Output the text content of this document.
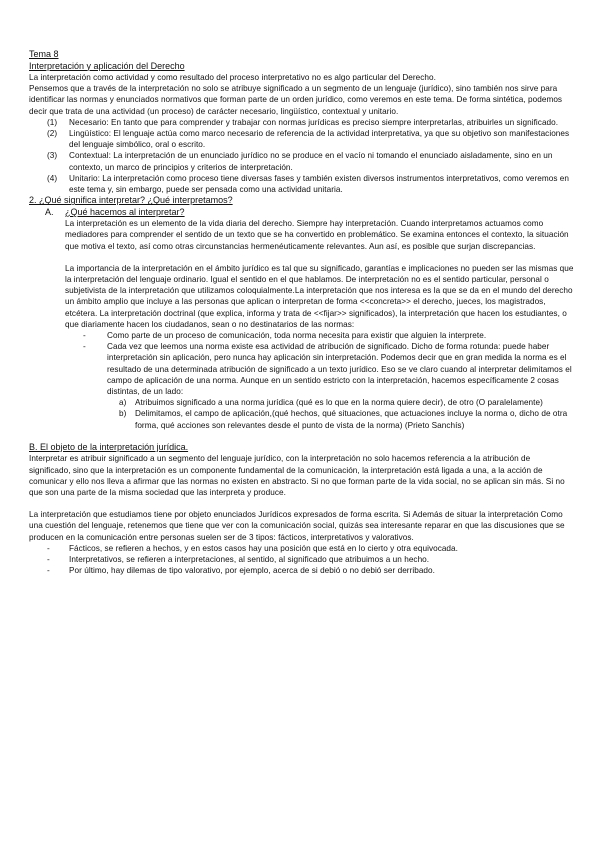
Tema 8
Interpretación y aplicación del Derecho

La interpretación como actividad y como resultado del proceso interpretativo no es algo particular del Derecho.

Pensemos que a través de la interpretación no solo se atribuye significado a un segmento de un lenguaje (jurídico), sino también nos sirve para identificar las normas y enunciados normativos que forman parte de un orden jurídico, como veremos en este tema. De forma sintética, podemos decir que trata de una actividad (un proceso) de carácter necesario, lingüístico, contextual y unitario.

(1)	Necesario: En tanto que para comprender y trabajar con normas jurídicas es preciso siempre interpretarlas, atribuirles un significado.
(2)	Lingüístico: El lenguaje actúa como marco necesario de referencia de la actividad interpretativa, ya que su objetivo son manifestaciones del lenguaje simbólico, oral o escrito.
(3)	Contextual: La interpretación de un enunciado jurídico no se produce en el vacío ni tomando el enunciado aisladamente, sino en un contexto, un marco de principios y criterios de interpretación.
(4)	Unitario: La interpretación como proceso tiene diversas fases y también existen diversos instrumentos interpretativos, como veremos en este tema y, sin embargo, puede ser pensada como una actividad unitaria.
2. ¿Qué significa interpretar? ¿Qué interpretamos?
A.	¿Qué hacemos al interpretar?

La interpretación es un elemento de la vida diaria del derecho. Siempre hay interpretación. Cuando interpretamos actuamos como mediadores para comprender el sentido de un texto que se ha convertido en problemático. Se examina entonces el contexto, la situación que motiva el texto, así como otras circunstancias hermenéuticamente relevantes. Aun así, es posible que surjan discrepancias.

La importancia de la interpretación en el ámbito jurídico es tal que su significado, garantías e implicaciones no pueden ser las mismas que la interpretación del lenguaje ordinario. Igual el sentido en el que hablamos. De interpretación no es el sentido particular, personal o subjetivista de la interpretación que utilizamos coloquialmente.La interpretación que nos interesa es la que se da en el mundo del derecho un ámbito amplio que incluye a las personas que aplican o interpretan de forma <<concreta>> el derecho, jueces, los magistrados, etcétera. La interpretación doctrinal (que explica, informa y trata de <<fijar>> significados), la interpretación que hacen los estudiantes, o que diariamente hacen los ciudadanos, sean o no destinatarios de las normas:

-	Como parte de un proceso de comunicación, toda norma necesita para existir que alguien la interprete.
-	Cada vez que leemos una norma existe esa actividad de atribución de significado. Dicho de forma rotunda: puede haber interpretación sin aplicación, pero nunca hay aplicación sin interpretación. Podemos decir que en gran medida la norma es el resultado de una determinada atribución de significado a un texto jurídico. Eso se ve claro cuando al interpretar delimitamos el campo de aplicación de una norma. Aunque en un sentido estricto con la interpretación, hacemos específicamente 2 cosas distintas, de un lado:
a)	Atribuimos significado a una norma jurídica (qué es lo que en la norma quiere decir), de otro (O paralelamente)
b)	Delimitamos, el campo de aplicación,(qué hechos, qué situaciones, que actuaciones incluye la norma o, dicho de otra forma, qué acciones son relevantes desde el punto de vista de la norma) (Prieto Sanchís)
B. El objeto de la interpretación jurídica.

Interpretar es atribuir significado a un segmento del lenguaje jurídico, con la interpretación no solo hacemos referencia a la atribución de significado, sino que la interpretación es un componente fundamental de la comunicación, la interpretación está ligada a una, a la acción de comunicar y ello nos lleva a afirmar que las normas no existen en abstracto. Si no que forman parte de la vida social, no se aplican sin más. Si no que son una parte de la misma sociedad que las interpreta y produce.

La interpretación que estudiamos tiene por objeto enunciados Jurídicos expresados de forma escrita. Si Además de situar la interpretación Como una cuestión del lenguaje, retenemos que tiene que ver con la comunicación social, quizás sea interesante reparar en que las discusiones que se producen en la comunicación entre personas suelen ser de 3 tipos: fácticos, interpretativos y valorativos.

-	Fácticos, se refieren a hechos, y en estos casos hay una posición que está en lo cierto y otra equivocada.
-	Interpretativos, se refieren a interpretaciones, al sentido, al significado que atribuimos a un hecho.
-	Por último, hay dilemas de tipo valorativo, por ejemplo, acerca de si debió o no debió ser derribado.
